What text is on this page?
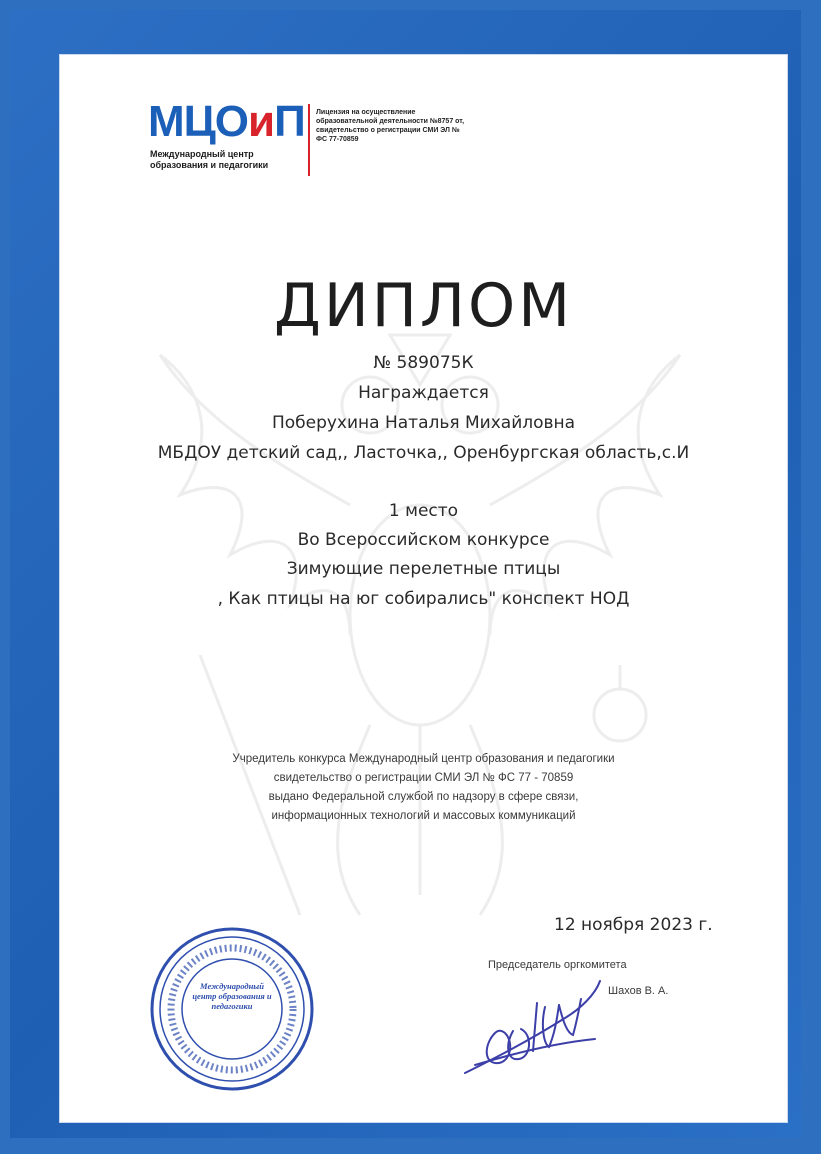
МЦОиП
Международный центр образования и педагогики
Лицензия на осуществление образовательной деятельности №8757 от, свидетельство о регистрации СМИ ЭЛ № ФС 77-70859
ДИПЛОМ
№ 589075К
Награждается
Поберухина Наталья Михайловна
МБДОУ детский сад,, Ласточка,, Оренбургская область,с.И
1 место
Во Всероссийском конкурсе
Зимующие перелетные птицы
, Как птицы на юг собирались" конспект НОД
Учредитель конкурса Международный центр образования и педагогики
свидетельство о регистрации СМИ ЭЛ № ФС 77 - 70859
выдано Федеральной службой по надзору в сфере связи,
информационных технологий и массовых коммуникаций
12 ноября 2023 г.
Председатель оргкомитета
Шахов В. А.
Международный центр образования и педагогики
